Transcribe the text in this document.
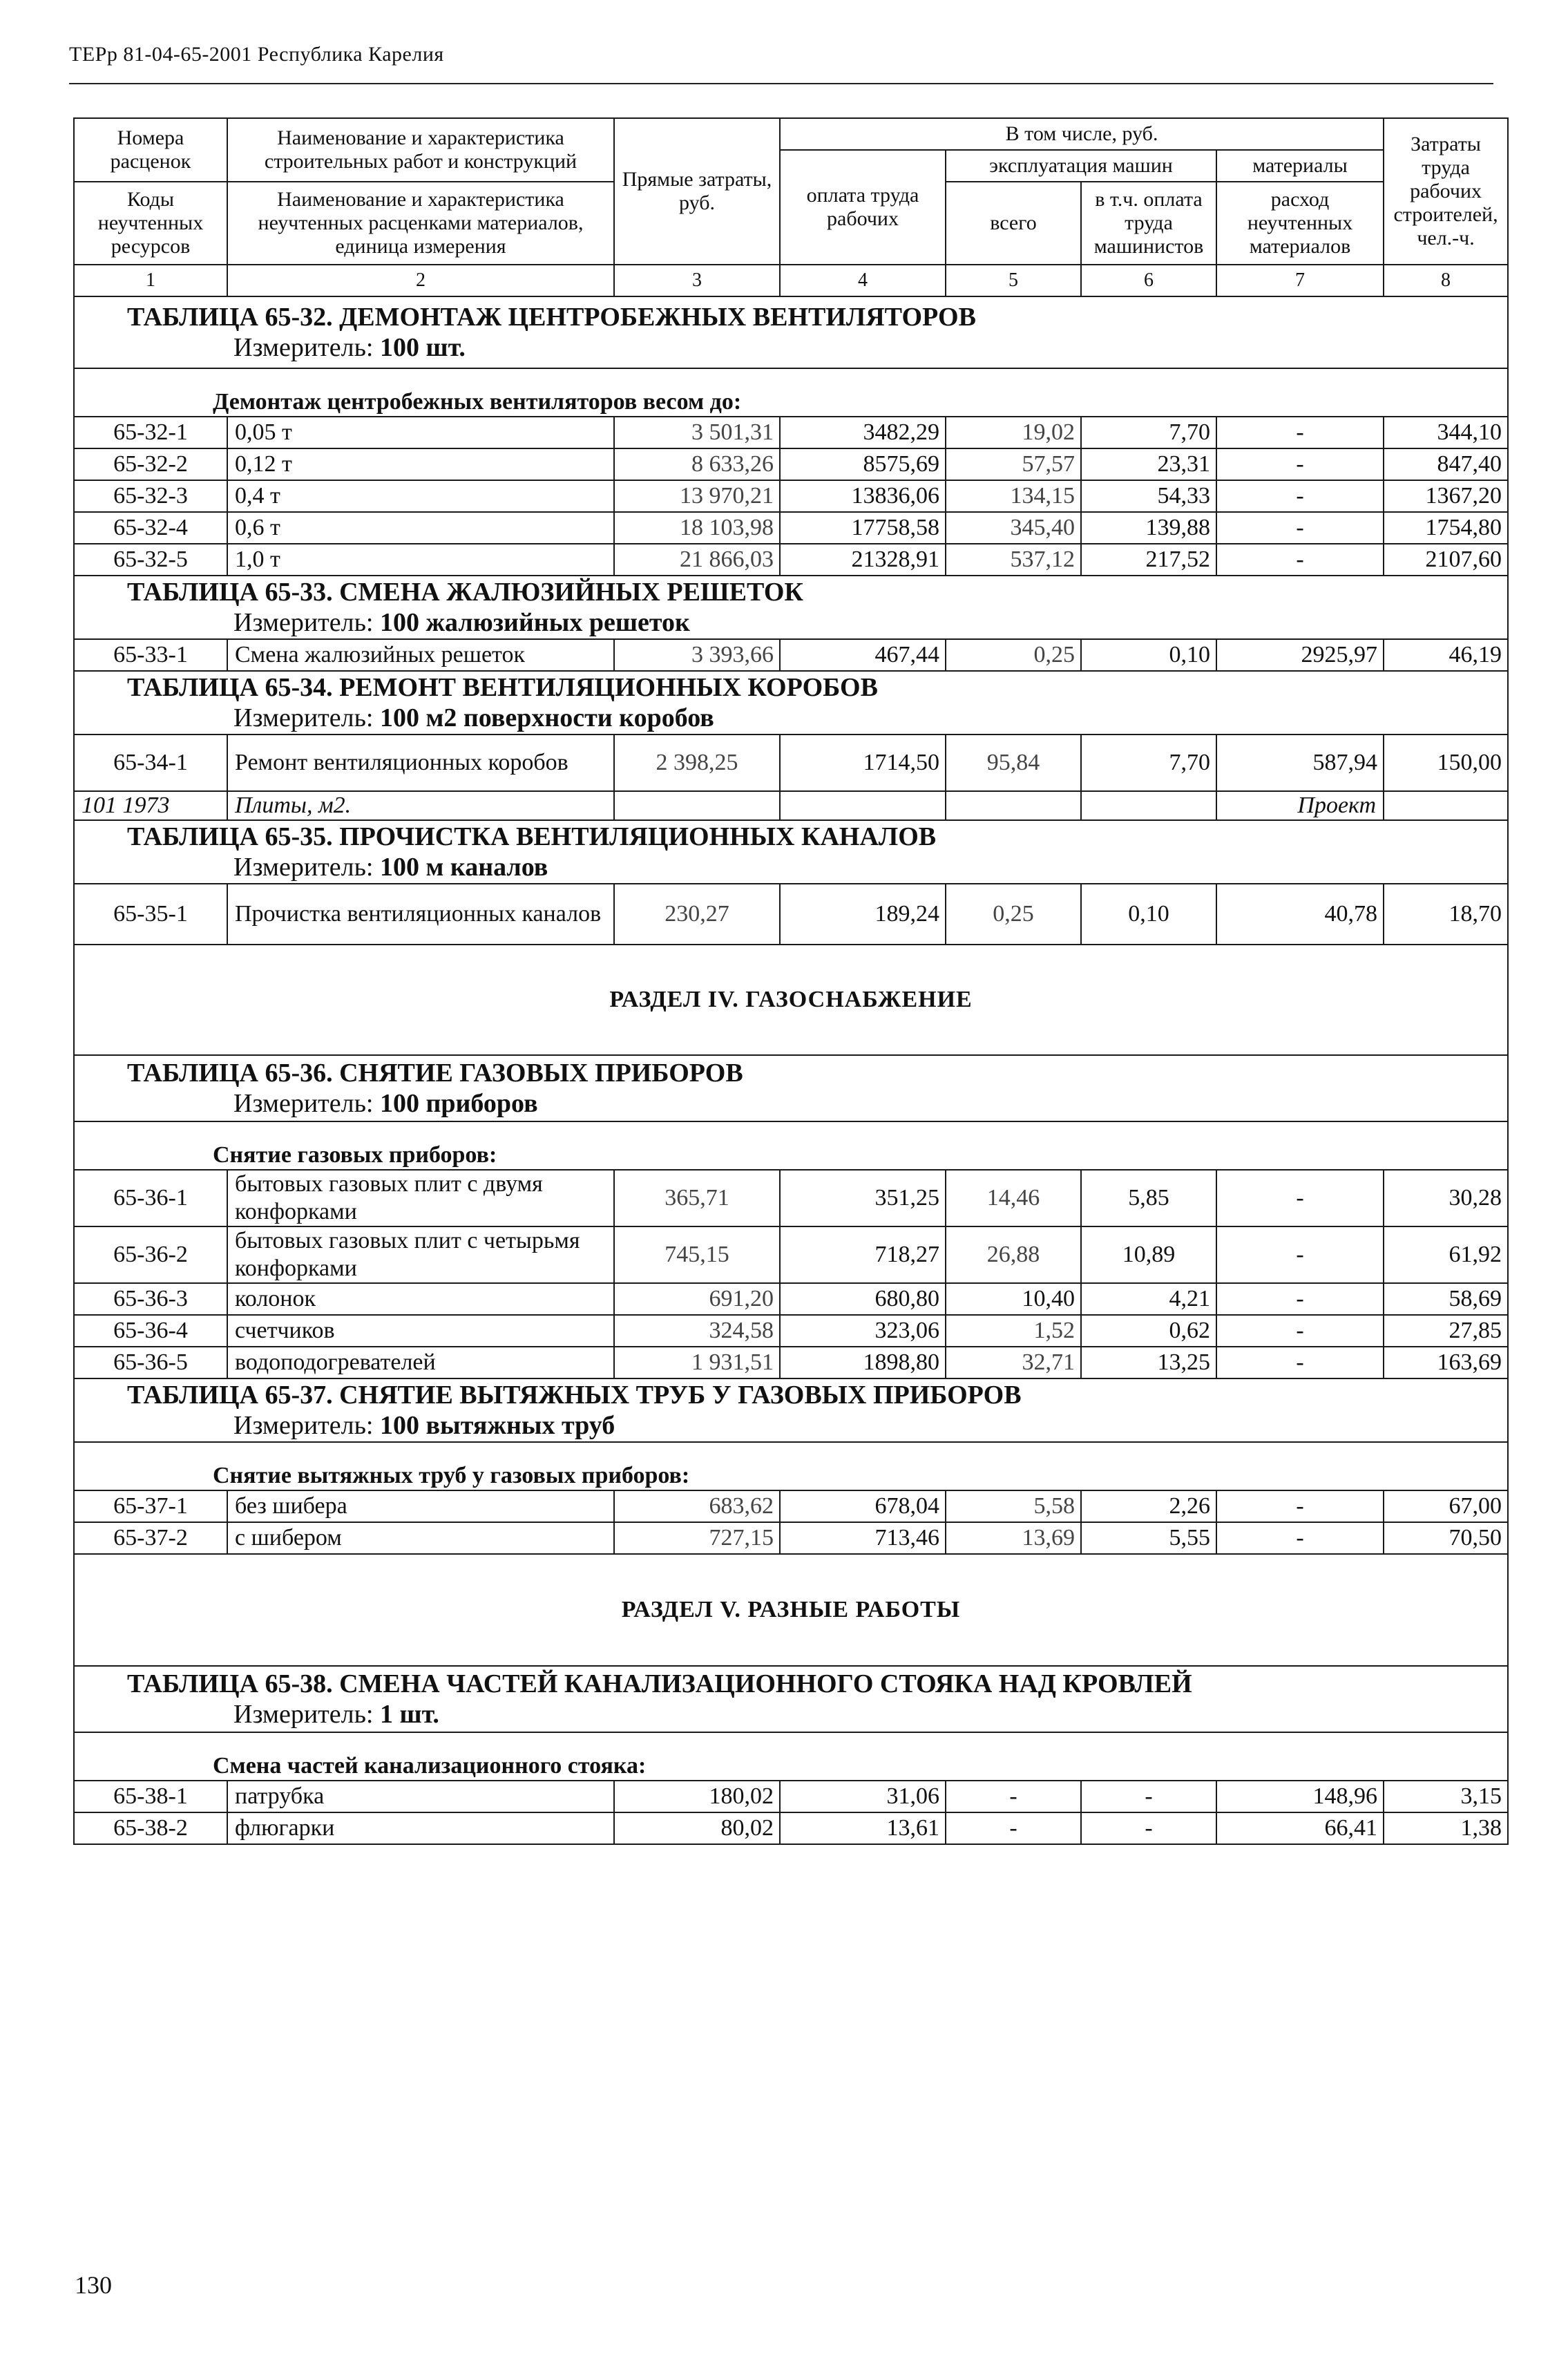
ТЕРр 81-04-65-2001 Республика Карелия
Номера расценок	Наименование и характеристика строительных работ и конструкций	Прямые затраты, руб.	В том числе, руб.				Затраты труда рабочих строителей, чел.-ч.
			оплата труда рабочих	эксплуатация машин		материалы	
Коды неучтенных ресурсов	Наименование и характеристика неучтенных расценками материалов, единица измерения			всего	в т.ч. оплата труда машинистов	расход неучтенных материалов	

1	2	3	4	5	6	7	8

ТАБЛИЦА 65-32. ДЕМОНТАЖ ЦЕНТРОБЕЖНЫХ ВЕНТИЛЯТОРОВ
Измеритель: 100 шт.							

Демонтаж центробежных вентиляторов весом до:							

65-32-1	0,05 т	3 501,31	3482,29	19,02	7,70	-	344,10
65-32-2	0,12 т	8 633,26	8575,69	57,57	23,31	-	847,40
65-32-3	0,4 т	13 970,21	13836,06	134,15	54,33	-	1367,20
65-32-4	0,6 т	18 103,98	17758,58	345,40	139,88	-	1754,80
65-32-5	1,0 т	21 866,03	21328,91	537,12	217,52	-	2107,60

ТАБЛИЦА 65-33. СМЕНА ЖАЛЮЗИЙНЫХ РЕШЕТОК
Измеритель: 100 жалюзийных решеток							

65-33-1	Смена жалюзийных решеток	3 393,66	467,44	0,25	0,10	2925,97	46,19

ТАБЛИЦА 65-34. РЕМОНТ ВЕНТИЛЯЦИОННЫХ КОРОБОВ
Измеритель: 100 м2 поверхности коробов							

65-34-1	Ремонт вентиляционных коробов	2 398,25	1714,50	95,84	7,70	587,94	150,00
101 1973	Плиты, м2.					Проект	

ТАБЛИЦА 65-35. ПРОЧИСТКА ВЕНТИЛЯЦИОННЫХ КАНАЛОВ
Измеритель: 100 м каналов							

65-35-1	Прочистка вентиляционных каналов	230,27	189,24	0,25	0,10	40,78	18,70
РАЗДЕЛ IV. ГАЗОСНАБЖЕНИЕ							

ТАБЛИЦА 65-36. СНЯТИЕ ГАЗОВЫХ ПРИБОРОВ
Измеритель: 100 приборов							

Снятие газовых приборов:							

65-36-1	бытовых газовых плит с двумя конфорками	365,71	351,25	14,46	5,85	-	30,28
65-36-2	бытовых газовых плит с четырьмя конфорками	745,15	718,27	26,88	10,89	-	61,92
65-36-3	колонок	691,20	680,80	10,40	4,21	-	58,69
65-36-4	счетчиков	324,58	323,06	1,52	0,62	-	27,85
65-36-5	водоподогревателей	1 931,51	1898,80	32,71	13,25	-	163,69

ТАБЛИЦА 65-37. СНЯТИЕ ВЫТЯЖНЫХ ТРУБ У ГАЗОВЫХ ПРИБОРОВ
Измеритель: 100 вытяжных труб							

Снятие вытяжных труб у газовых приборов:							

65-37-1	без шибера	683,62	678,04	5,58	2,26	-	67,00
65-37-2	с шибером	727,15	713,46	13,69	5,55	-	70,50
РАЗДЕЛ V. РАЗНЫЕ РАБОТЫ							

ТАБЛИЦА 65-38. СМЕНА ЧАСТЕЙ КАНАЛИЗАЦИОННОГО СТОЯКА НАД КРОВЛЕЙ
Измеритель: 1 шт.							

Смена частей канализационного стояка:							

65-38-1	патрубка	180,02	31,06	-	-	148,96	3,15
65-38-2	флюгарки	80,02	13,61	-	-	66,41	1,38
130
